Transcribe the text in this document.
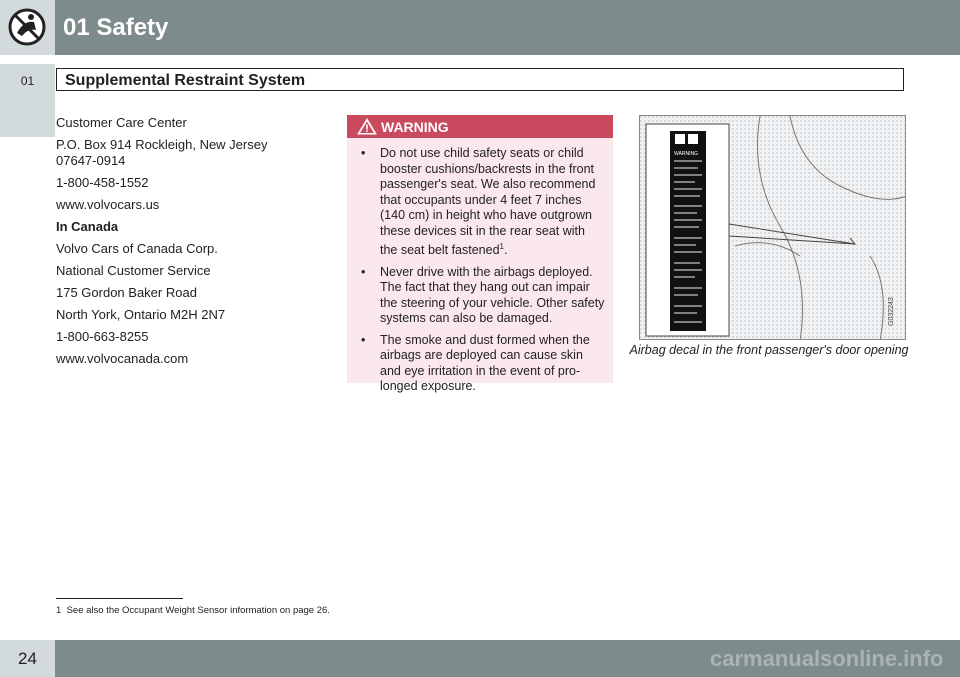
01 Safety
01	Supplemental Restraint System

Customer Care Center

P.O. Box 914 Rockleigh, New Jersey 07647-0914

1-800-458-1552

www.volvocars.us

In Canada

Volvo Cars of Canada Corp.

National Customer Service

175 Gordon Baker Road

North York, Ontario M2H 2N7

1-800-663-8255

www.volvocanada.com

WARNING
• Do not use child safety seats or child booster cushions/backrests in the front passenger's seat. We also recommend that occupants under 4 feet 7 inches (140 cm) in height who have outgrown these devices sit in the rear seat with the seat belt fastened$^1$.
• Never drive with the airbags deployed. The fact that they hang out can impair the steering of your vehicle. Other safety systems can also be damaged.
• The smoke and dust formed when the airbags are deployed can cause skin and eye irritation in the event of pro-longed exposure.
WARNING
G032243
Airbag decal in the front passenger's door opening
1 See also the Occupant Weight Sensor information on page 26.
24	carmanualsonline.info
